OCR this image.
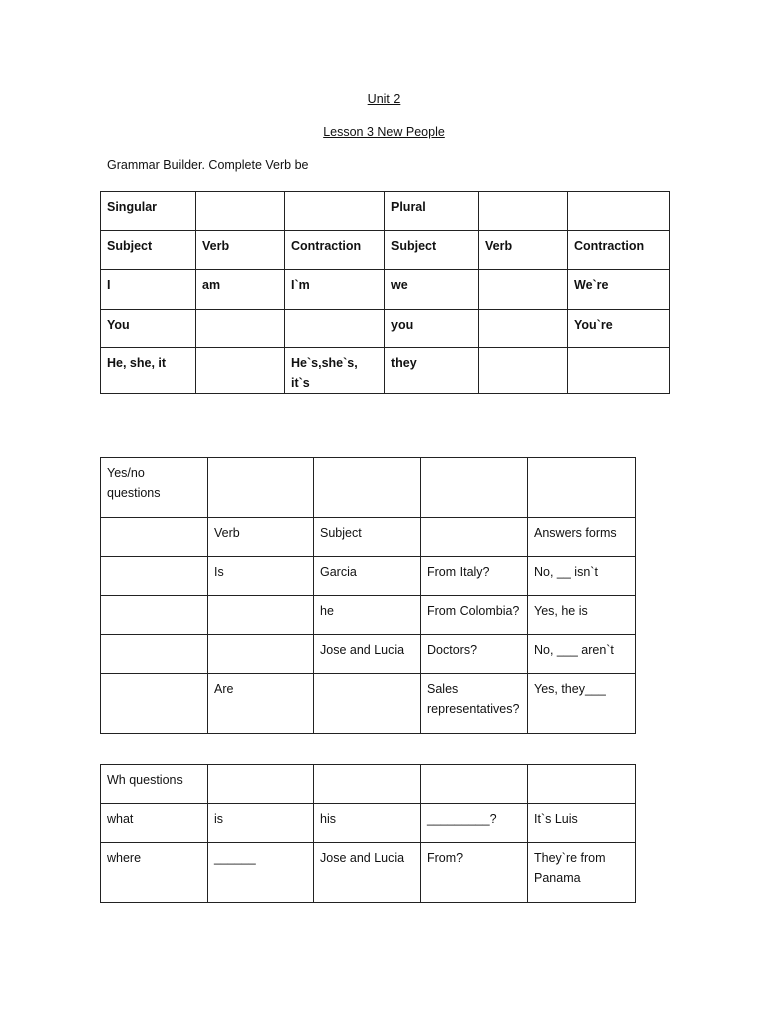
Unit 2
Lesson 3 New People
Grammar Builder. Complete Verb be
Singular			Plural		
Subject	Verb	Contraction	Subject	Verb	Contraction
I	am	I`m	we		We`re
You			you		You`re
He, she, it		He`s,she`s, it`s	they		
Yes/no questions				
	Verb	Subject		Answers forms
	Is	Garcia	From Italy?	No, __ isn`t
		he	From Colombia?	Yes, he is
		Jose and Lucia	Doctors?	No, ___ aren`t
	Are		Sales representatives?	Yes, they___
Wh questions				
what	is	his	_________?	It`s Luis
where	______	Jose and Lucia	From?	They`re from Panama
